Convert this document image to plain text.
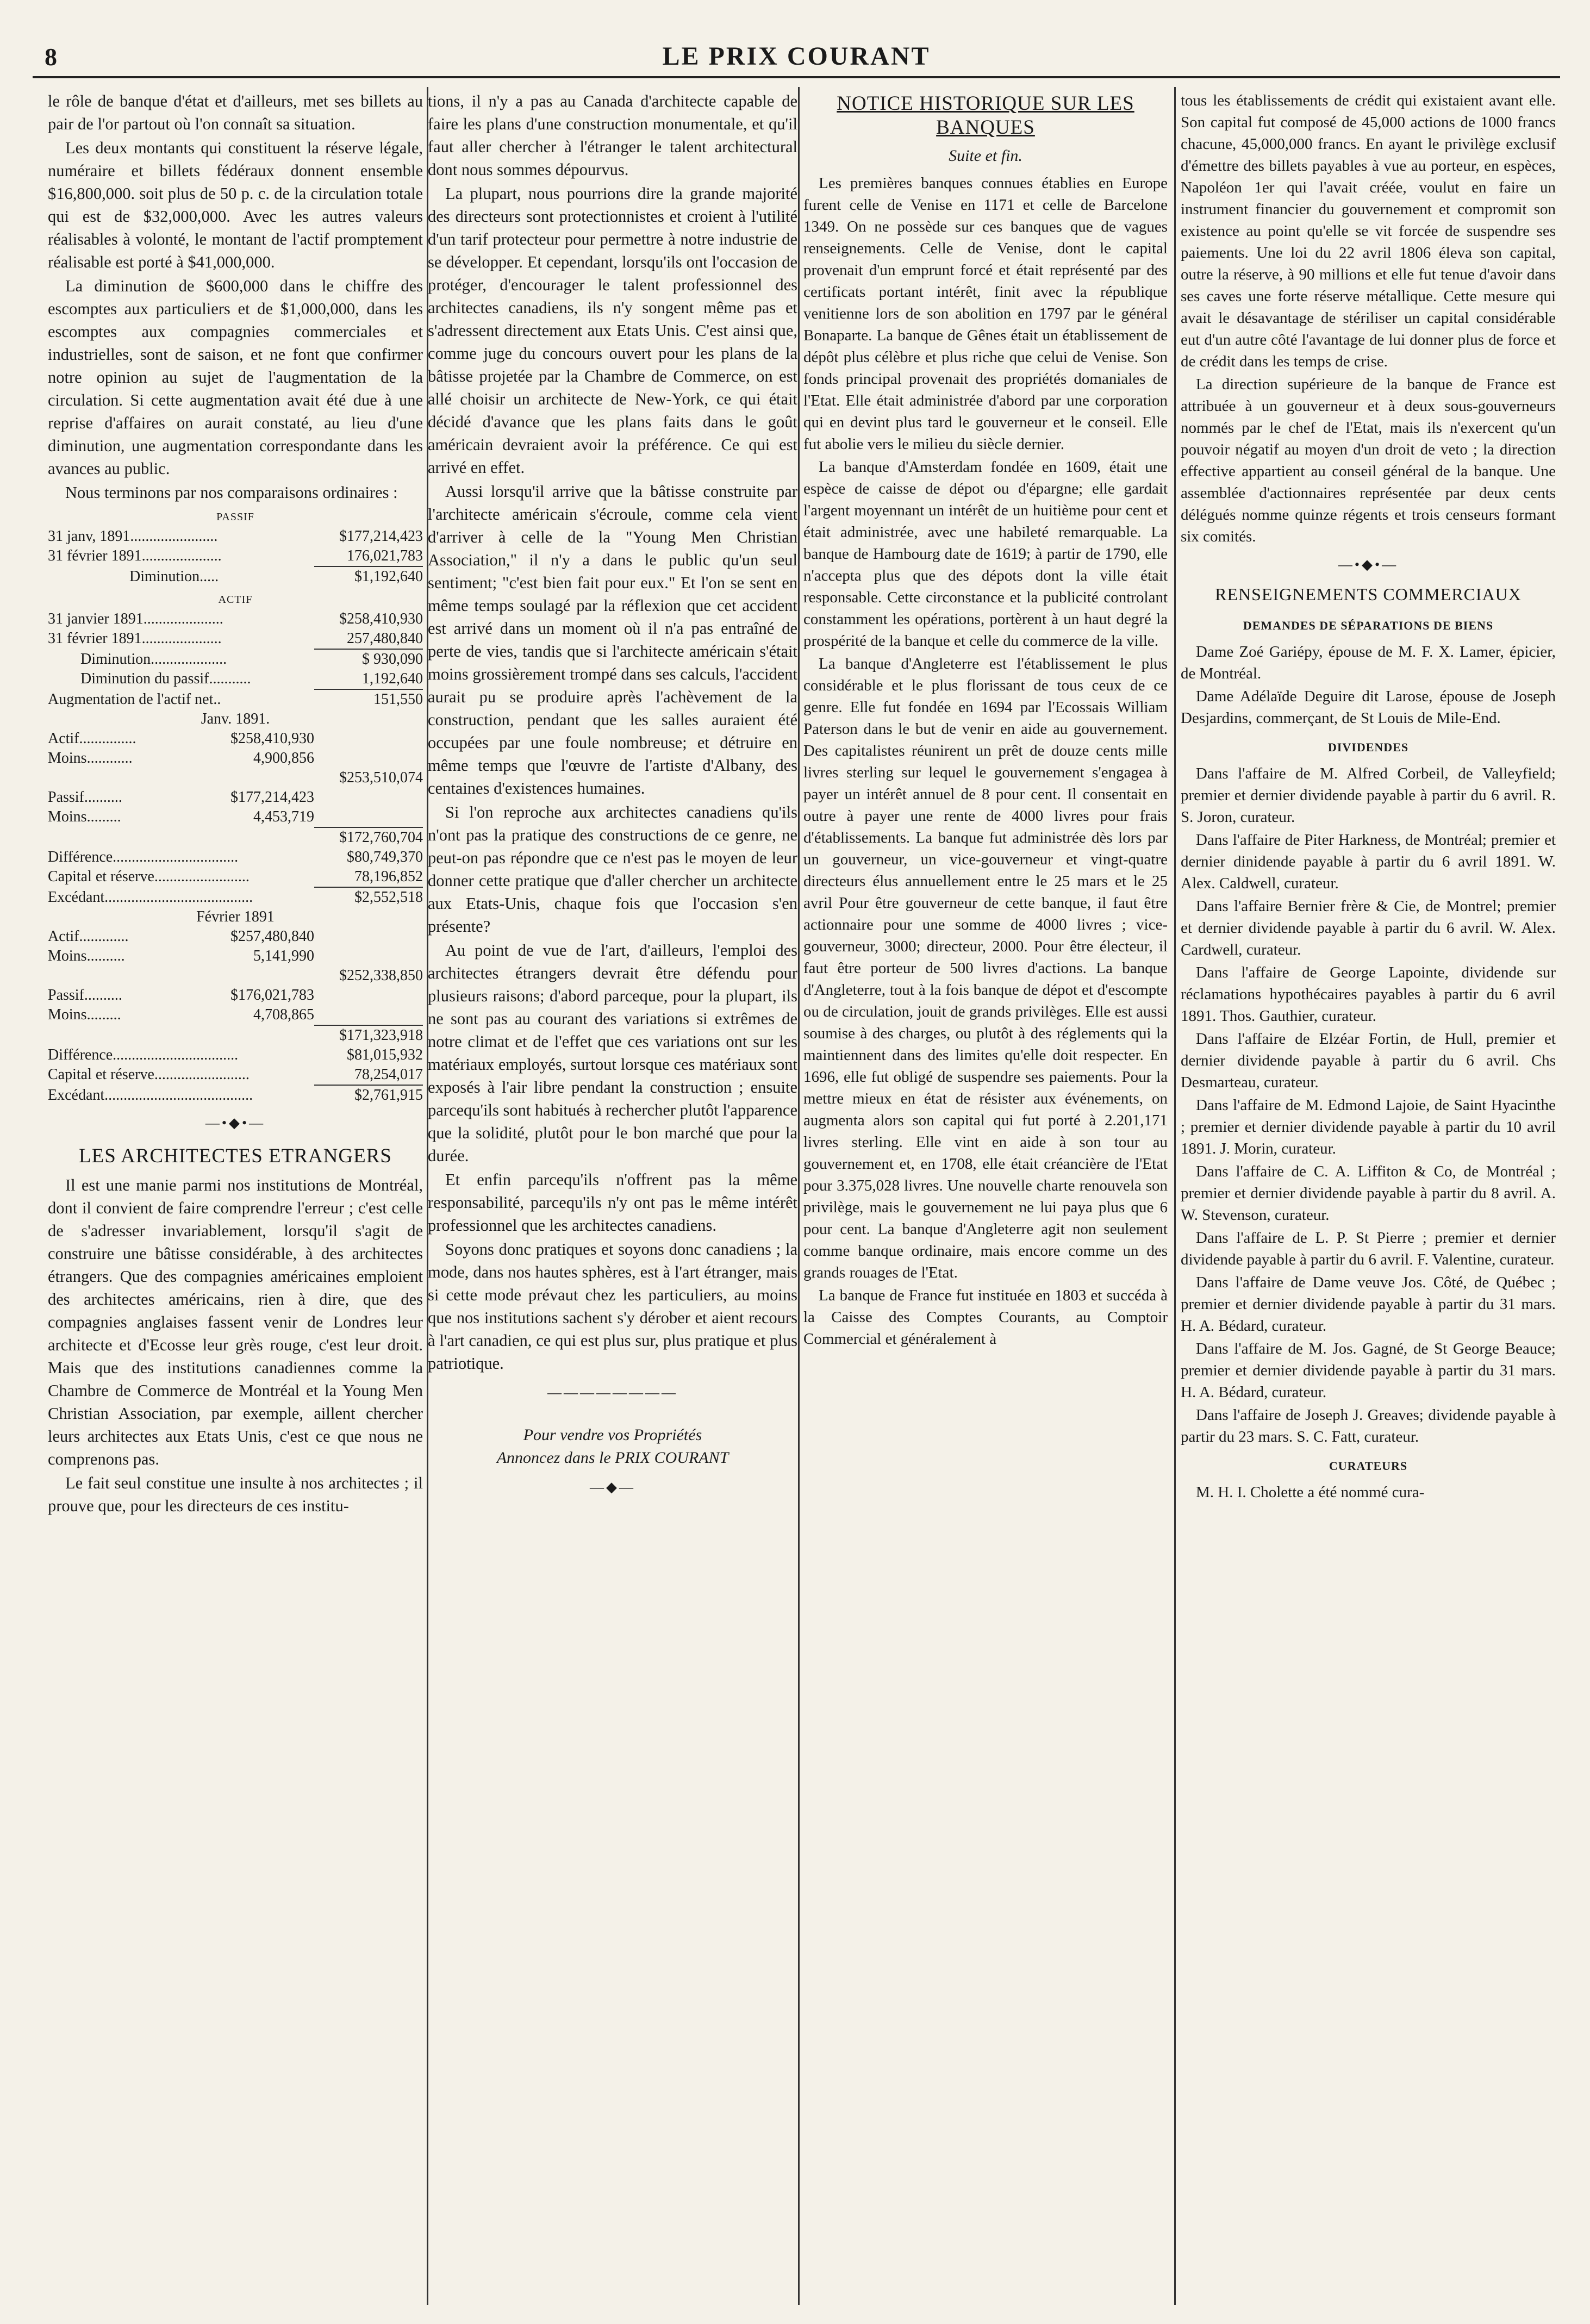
8	LE PRIX COURANT

le rôle de banque d'état et d'ailleurs, met ses billets au pair de l'or partout où l'on connaît sa situation.

Les deux montants qui constituent la réserve légale, numéraire et billets fédéraux donnent ensemble $16,800,000. soit plus de 50 p. c. de la circulation totale qui est de $32,000,000. Avec les autres valeurs réalisables à volonté, le montant de l'actif promptement réalisable est porté à $41,000,000.

La diminution de $600,000 dans le chiffre des escomptes aux particuliers et de $1,000,000, dans les escomptes aux compagnies commerciales et industrielles, sont de saison, et ne font que confirmer notre opinion au sujet de l'augmentation de la circulation. Si cette augmentation avait été due à une reprise d'affaires on aurait constaté, au lieu d'une diminution, une augmentation correspondante dans les avances au public.

Nous terminons par nos comparaisons ordinaires :

PASSIF
31 janv, 1891.......................	$177,214,423
31 février 1891.....................	176,021,783
Diminution.....	$1,192,640
ACTIF
31 janvier 1891.....................	$258,410,930
31 février 1891.....................	257,480,840
Diminution....................	$ 930,090
Diminution du passif...........	1,192,640
Augmentation de l'actif net..	151,550
Janv. 1891.
Actif...............	$258,410,930
Moins............	4,900,856
$253,510,074
Passif..........	$177,214,423
Moins.........	4,453,719
$172,760,704
Différence.................................	$80,749,370
Capital et réserve.........................	78,196,852
Excédant.......................................	$2,552,518
Février 1891
Actif.............	$257,480,840
Moins..........	5,141,990
$252,338,850
Passif..........	$176,021,783
Moins.........	4,708,865
$171,323,918
Différence.................................	$81,015,932
Capital et réserve.........................	78,254,017
Excédant.......................................	$2,761,915
—•◆•—
LES ARCHITECTES ETRANGERS

Il est une manie parmi nos institutions de Montréal, dont il convient de faire comprendre l'erreur ; c'est celle de s'adresser invariablement, lorsqu'il s'agit de construire une bâtisse considérable, à des architectes étrangers. Que des compagnies américaines emploient des architectes américains, rien à dire, que des compagnies anglaises fassent venir de Londres leur architecte et d'Ecosse leur grès rouge, c'est leur droit. Mais que des institutions canadiennes comme la Chambre de Commerce de Montréal et la Young Men Christian Association, par exemple, aillent chercher leurs architectes aux Etats Unis, c'est ce que nous ne comprenons pas.

Le fait seul constitue une insulte à nos architectes ; il prouve que, pour les directeurs de ces institu-

tions, il n'y a pas au Canada d'architecte capable de faire les plans d'une construction monumentale, et qu'il faut aller chercher à l'étranger le talent architectural dont nous sommes dépourvus.

La plupart, nous pourrions dire la grande majorité des directeurs sont protectionnistes et croient à l'utilité d'un tarif protecteur pour permettre à notre industrie de se développer. Et cependant, lorsqu'ils ont l'occasion de protéger, d'encourager le talent professionnel des architectes canadiens, ils n'y songent même pas et s'adressent directement aux Etats Unis. C'est ainsi que, comme juge du concours ouvert pour les plans de la bâtisse projetée par la Chambre de Commerce, on est allé choisir un architecte de New-York, ce qui était décidé d'avance que les plans faits dans le goût américain devraient avoir la préférence. Ce qui est arrivé en effet.

Aussi lorsqu'il arrive que la bâtisse construite par l'architecte américain s'écroule, comme cela vient d'arriver à celle de la "Young Men Christian Association," il n'y a dans le public qu'un seul sentiment; "c'est bien fait pour eux." Et l'on se sent en même temps soulagé par la réflexion que cet accident est arrivé dans un moment où il n'a pas entraîné de perte de vies, tandis que si l'architecte américain s'était moins grossièrement trompé dans ses calculs, l'accident aurait pu se produire après l'achèvement de la construction, pendant que les salles auraient été occupées par une foule nombreuse; et détruire en même temps que l'œuvre de l'artiste d'Albany, des centaines d'existences humaines.

Si l'on reproche aux architectes canadiens qu'ils n'ont pas la pratique des constructions de ce genre, ne peut-on pas répondre que ce n'est pas le moyen de leur donner cette pratique que d'aller chercher un architecte aux Etats-Unis, chaque fois que l'occasion s'en présente?

Au point de vue de l'art, d'ailleurs, l'emploi des architectes étrangers devrait être défendu pour plusieurs raisons; d'abord parceque, pour la plupart, ils ne sont pas au courant des variations si extrêmes de notre climat et de l'effet que ces variations ont sur les matériaux employés, surtout lorsque ces matériaux sont exposés à l'air libre pendant la construction ; ensuite parcequ'ils sont habitués à rechercher plutôt l'apparence que la solidité, plutôt pour le bon marché que pour la durée.

Et enfin parcequ'ils n'offrent pas la même responsabilité, parcequ'ils n'y ont pas le même intérêt professionnel que les architectes canadiens.

Soyons donc pratiques et soyons donc canadiens ; la mode, dans nos hautes sphères, est à l'art étranger, mais si cette mode prévaut chez les particuliers, au moins que nos institutions sachent s'y dérober et aient recours à l'art canadien, ce qui est plus sur, plus pratique et plus patriotique.

————————
Pour vendre vos Propriétés
Annoncez dans le PRIX COURANT
—◆—
NOTICE HISTORIQUE SUR LES BANQUES
Suite et fin.

Les premières banques connues établies en Europe furent celle de Venise en 1171 et celle de Barcelone 1349. On ne possède sur ces banques que de vagues renseignements. Celle de Venise, dont le capital provenait d'un emprunt forcé et était représenté par des certificats portant intérêt, finit avec la république venitienne lors de son abolition en 1797 par le général Bonaparte. La banque de Gênes était un établissement de dépôt plus célèbre et plus riche que celui de Venise. Son fonds principal provenait des propriétés domaniales de l'Etat. Elle était administrée d'abord par une corporation qui en devint plus tard le gouverneur et le conseil. Elle fut abolie vers le milieu du siècle dernier.

La banque d'Amsterdam fondée en 1609, était une espèce de caisse de dépot ou d'épargne; elle gardait l'argent moyennant un intérêt de un huitième pour cent et était administrée, avec une habileté remarquable. La banque de Hambourg date de 1619; à partir de 1790, elle n'accepta plus que des dépots dont la ville était responsable. Cette circonstance et la publicité controlant constamment les opérations, portèrent à un haut degré la prospérité de la banque et celle du commerce de la ville.

La banque d'Angleterre est l'établissement le plus considérable et le plus florissant de tous ceux de ce genre. Elle fut fondée en 1694 par l'Ecossais William Paterson dans le but de venir en aide au gouvernement. Des capitalistes réunirent un prêt de douze cents mille livres sterling sur lequel le gouvernement s'engagea à payer un intérêt annuel de 8 pour cent. Il consentait en outre à payer une rente de 4000 livres pour frais d'établissements. La banque fut administrée dès lors par un gouverneur, un vice-gouverneur et vingt-quatre directeurs élus annuellement entre le 25 mars et le 25 avril Pour être gouverneur de cette banque, il faut être actionnaire pour une somme de 4000 livres ; vice-gouverneur, 3000; directeur, 2000. Pour être électeur, il faut être porteur de 500 livres d'actions. La banque d'Angleterre, tout à la fois banque de dépot et d'escompte ou de circulation, jouit de grands privilèges. Elle est aussi soumise à des charges, ou plutôt à des réglements qui la maintiennent dans des limites qu'elle doit respecter. En 1696, elle fut obligé de suspendre ses paiements. Pour la mettre mieux en état de résister aux événements, on augmenta alors son capital qui fut porté à 2.201,171 livres sterling. Elle vint en aide à son tour au gouvernement et, en 1708, elle était créancière de l'Etat pour 3.375,028 livres. Une nouvelle charte renouvela son privilège, mais le gouvernement ne lui paya plus que 6 pour cent. La banque d'Angleterre agit non seulement comme banque ordinaire, mais encore comme un des grands rouages de l'Etat.

La banque de France fut instituée en 1803 et succéda à la Caisse des Comptes Courants, au Comptoir Commercial et généralement à

tous les établissements de crédit qui existaient avant elle. Son capital fut composé de 45,000 actions de 1000 francs chacune, 45,000,000 francs. En ayant le privilège exclusif d'émettre des billets payables à vue au porteur, en espèces, Napoléon 1er qui l'avait créée, voulut en faire un instrument financier du gouvernement et compromit son existence au point qu'elle se vit forcée de suspendre ses paiements. Une loi du 22 avril 1806 éleva son capital, outre la réserve, à 90 millions et elle fut tenue d'avoir dans ses caves une forte réserve métallique. Cette mesure qui avait le désavantage de stériliser un capital considérable eut d'un autre côté l'avantage de lui donner plus de force et de crédit dans les temps de crise.

La direction supérieure de la banque de France est attribuée à un gouverneur et à deux sous-gouverneurs nommés par le chef de l'Etat, mais ils n'exercent qu'un pouvoir négatif au moyen d'un droit de veto ; la direction effective appartient au conseil général de la banque. Une assemblée d'actionnaires représentée par deux cents délégués nomme quinze régents et trois censeurs formant six comités.

—•◆•—
RENSEIGNEMENTS COMMERCIAUX
DEMANDES DE SÉPARATIONS DE BIENS

Dame Zoé Gariépy, épouse de M. F. X. Lamer, épicier, de Montréal.

Dame Adélaïde Deguire dit Larose, épouse de Joseph Desjardins, commerçant, de St Louis de Mile-End.

DIVIDENDES

Dans l'affaire de M. Alfred Corbeil, de Valleyfield; premier et dernier dividende payable à partir du 6 avril. R. S. Joron, curateur.

Dans l'affaire de Piter Harkness, de Montréal; premier et dernier dinidende payable à partir du 6 avril 1891. W. Alex. Caldwell, curateur.

Dans l'affaire Bernier frère & Cie, de Montrel; premier et dernier dividende payable à partir du 6 avril. W. Alex. Cardwell, curateur.

Dans l'affaire de George Lapointe, dividende sur réclamations hypothécaires payables à partir du 6 avril 1891. Thos. Gauthier, curateur.

Dans l'affaire de Elzéar Fortin, de Hull, premier et dernier dividende payable à partir du 6 avril. Chs Desmarteau, curateur.

Dans l'affaire de M. Edmond Lajoie, de Saint Hyacinthe ; premier et dernier dividende payable à partir du 10 avril 1891. J. Morin, curateur.

Dans l'affaire de C. A. Liffiton & Co, de Montréal ; premier et dernier dividende payable à partir du 8 avril. A. W. Stevenson, curateur.

Dans l'affaire de L. P. St Pierre ; premier et dernier dividende payable à partir du 6 avril. F. Valentine, curateur.

Dans l'affaire de Dame veuve Jos. Côté, de Québec ; premier et dernier dividende payable à partir du 31 mars. H. A. Bédard, curateur.

Dans l'affaire de M. Jos. Gagné, de St George Beauce; premier et dernier dividende payable à partir du 31 mars. H. A. Bédard, curateur.

Dans l'affaire de Joseph J. Greaves; dividende payable à partir du 23 mars. S. C. Fatt, curateur.

CURATEURS

M. H. I. Cholette a été nommé cura-
